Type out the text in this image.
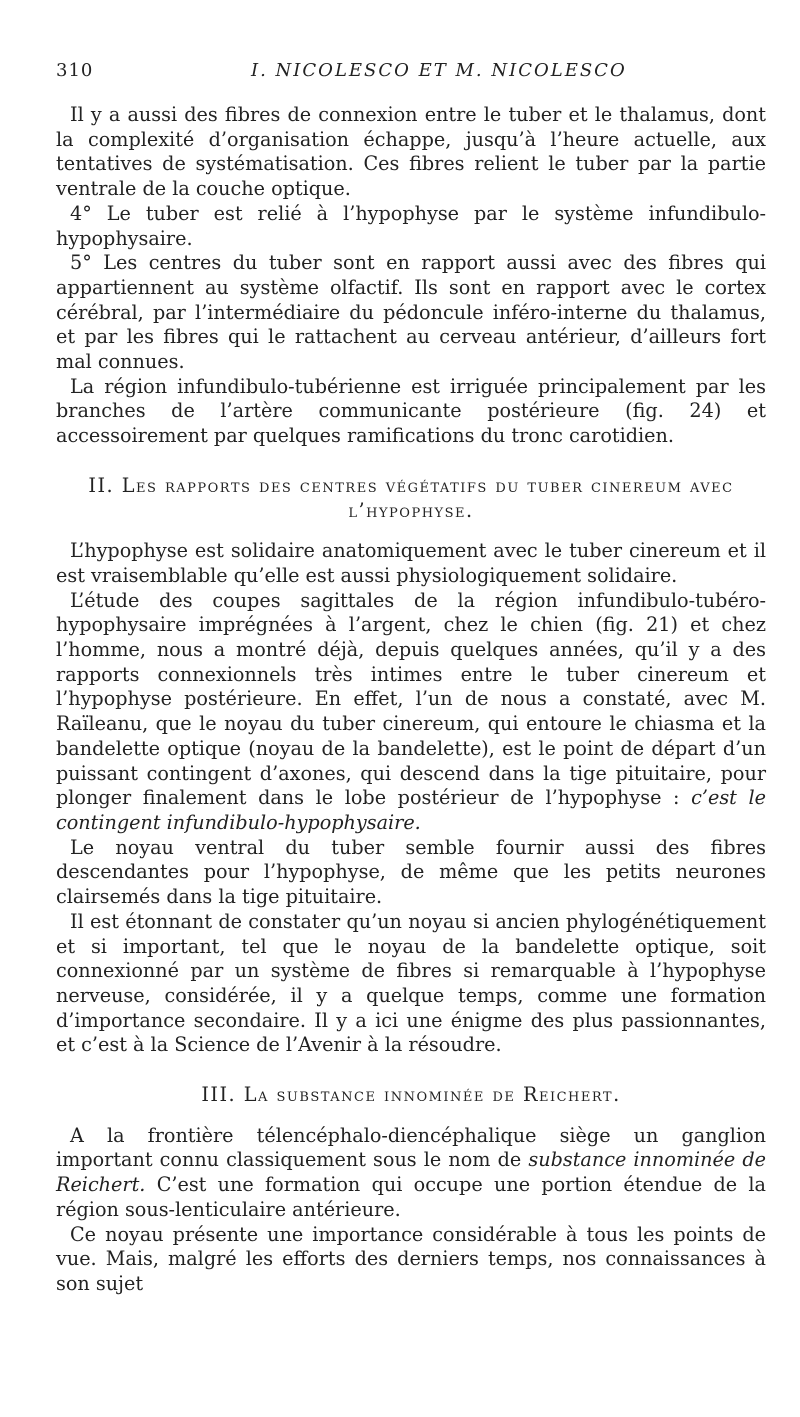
310	I. NICOLESCO ET M. NICOLESCO

Il y a aussi des fibres de connexion entre le tuber et le thalamus, dont la complexité d’organisation échappe, jusqu’à l’heure actuelle, aux tentatives de systématisation. Ces fibres relient le tuber par la partie ventrale de la couche optique.

4° Le tuber est relié à l’hypophyse par le système infundibulo-hypophysaire.

5° Les centres du tuber sont en rapport aussi avec des fibres qui appartiennent au système olfactif. Ils sont en rapport avec le cortex cérébral, par l’intermédiaire du pédoncule inféro-interne du thalamus, et par les fibres qui le rattachent au cerveau antérieur, d’ailleurs fort mal connues.

La région infundibulo-tubérienne est irriguée principalement par les branches de l’artère communicante postérieure (fig. 24) et accessoirement par quelques ramifications du tronc carotidien.

II. Les rapports des centres végétatifs du tuber cinereum avec
l’hypophyse.

L’hypophyse est solidaire anatomiquement avec le tuber cinereum et il est vraisemblable qu’elle est aussi physiologiquement solidaire.

L’étude des coupes sagittales de la région infundibulo-tubéro-hypophysaire imprégnées à l’argent, chez le chien (fig. 21) et chez l’homme, nous a montré déjà, depuis quelques années, qu’il y a des rapports connexionnels très intimes entre le tuber cinereum et l’hypophyse postérieure. En effet, l’un de nous a constaté, avec M. Raïleanu, que le noyau du tuber cinereum, qui entoure le chiasma et la bandelette optique (noyau de la bandelette), est le point de départ d’un puissant contingent d’axones, qui descend dans la tige pituitaire, pour plonger finalement dans le lobe postérieur de l’hypophyse : c’est le contingent infundibulo-hypophysaire.

Le noyau ventral du tuber semble fournir aussi des fibres descendantes pour l’hypophyse, de même que les petits neurones clairsemés dans la tige pituitaire.

Il est étonnant de constater qu’un noyau si ancien phylogénétiquement et si important, tel que le noyau de la bandelette optique, soit connexionné par un système de fibres si remarquable à l’hypophyse nerveuse, considérée, il y a quelque temps, comme une formation d’importance secondaire. Il y a ici une énigme des plus passionnantes, et c’est à la Science de l’Avenir à la résoudre.

III. La substance innominée de Reichert.

A la frontière télencéphalo-diencéphalique siège un ganglion important connu classiquement sous le nom de substance innominée de Reichert. C’est une formation qui occupe une portion étendue de la région sous-lenticulaire antérieure.

Ce noyau présente une importance considérable à tous les points de vue. Mais, malgré les efforts des derniers temps, nos connaissances à son sujet
